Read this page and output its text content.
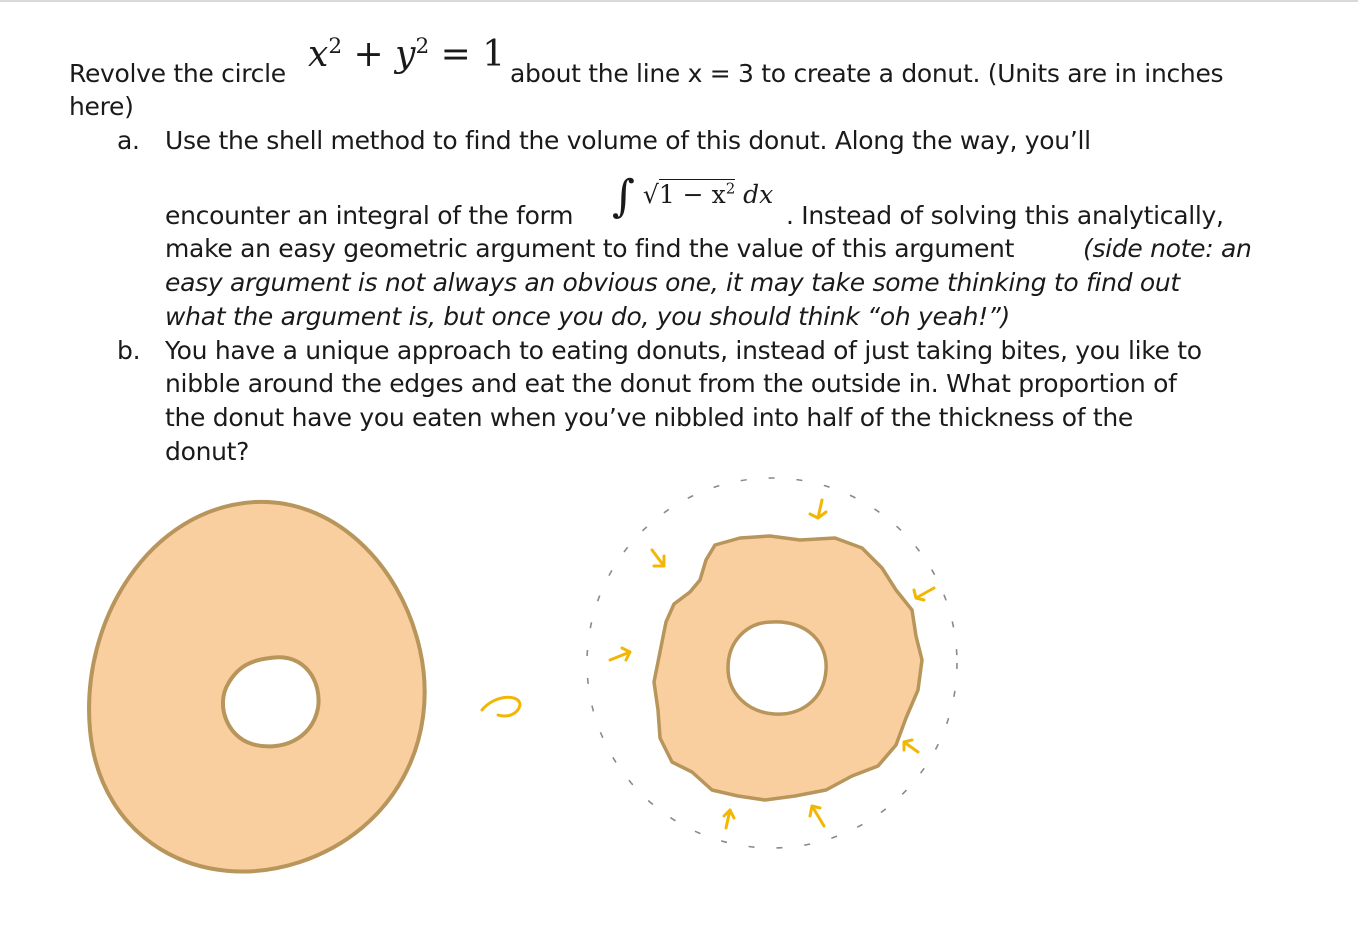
Revolve the circle $x^2 + y^2 = 1$ about the line x = 3 to create a donut. (Units are in inches
here)
a. Use the shell method to find the volume of this donut. Along the way, you’ll
encounter an integral of the form ∫ $√1 - x^2$ dx
. Instead of solving this analytically,
make an easy geometric argument to find the value of this argument	(side note: an
easy argument is not always an obvious one, it may take some thinking to find out
what the argument is, but once you do, you should think “oh yeah!”)
b. You have a unique approach to eating donuts, instead of just taking bites, you like to
nibble around the edges and eat the donut from the outside in. What proportion of
the donut have you eaten when you’ve nibbled into half of the thickness of the
donut?
